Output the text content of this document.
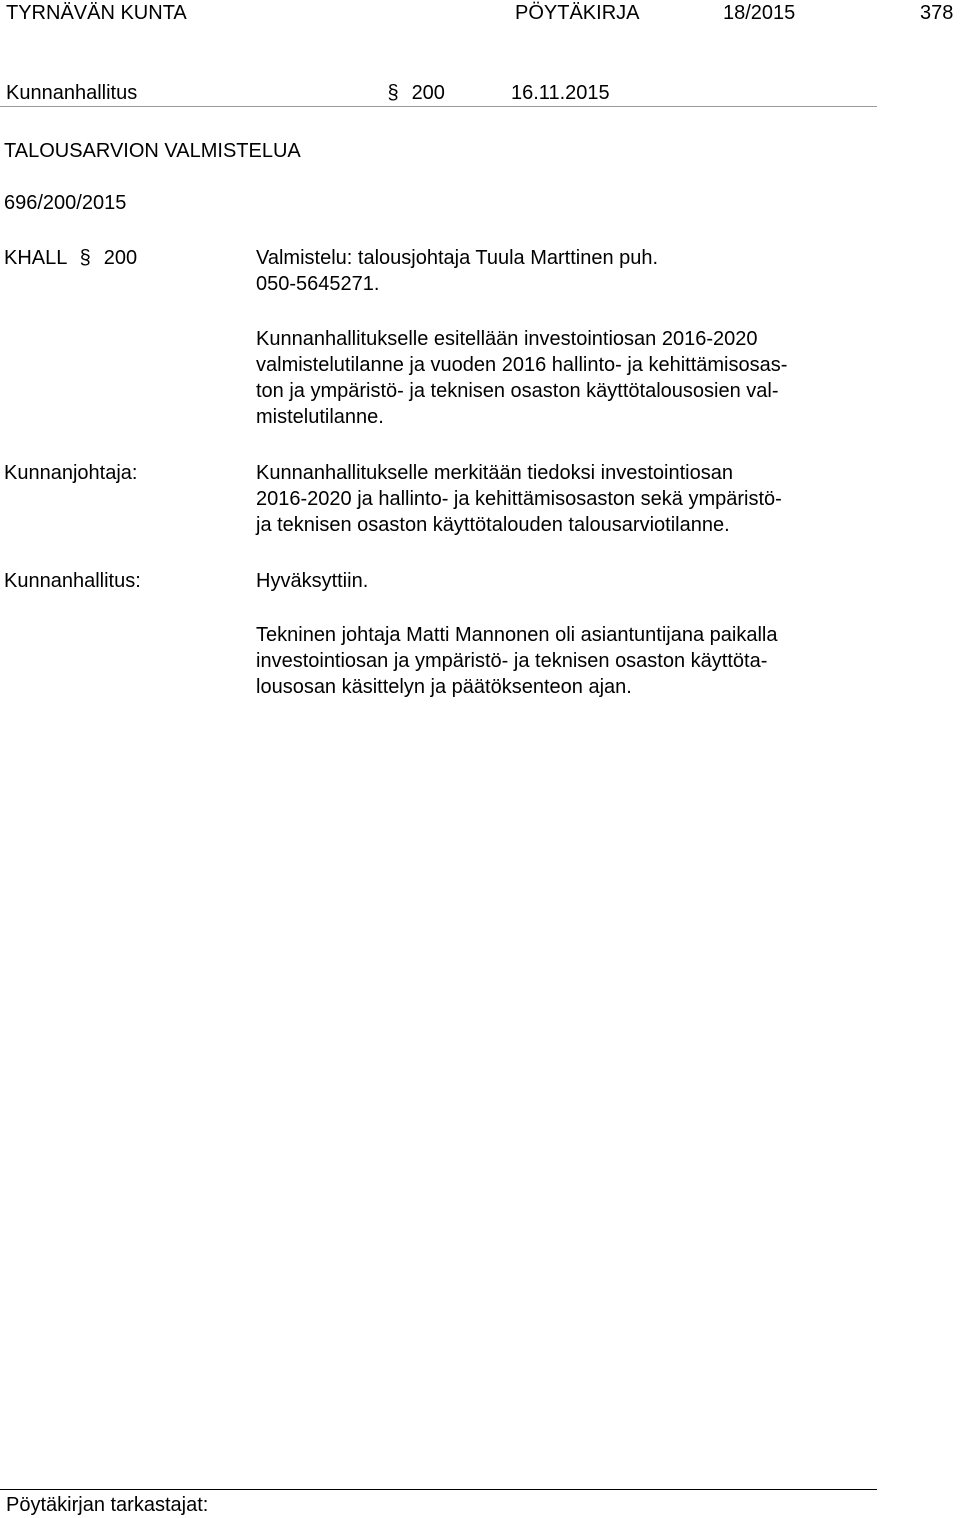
TYRNÄVÄN KUNTA	PÖYTÄKIRJA	18/2015	378
Kunnanhallitus	§ 200	16.11.2015
TALOUSARVION VALMISTELUA
696/200/2015
KHALL § 200	Valmistelu: talousjohtaja Tuula Marttinen puh.
050-5645271.
Kunnanhallitukselle esitellään investointiosan 2016-2020
valmistelutilanne ja vuoden 2016 hallinto- ja kehittämisosas-
ton ja ympäristö- ja teknisen osaston käyttötalousosien val-
mistelutilanne.
Kunnanjohtaja:	Kunnanhallitukselle merkitään tiedoksi investointiosan
2016-2020 ja hallinto- ja kehittämisosaston sekä ympäristö-
ja teknisen osaston käyttötalouden talousarviotilanne.
Kunnanhallitus:	Hyväksyttiin.
Tekninen johtaja Matti Mannonen oli asiantuntijana paikalla
investointiosan ja ympäristö- ja teknisen osaston käyttöta-
lousosan käsittelyn ja päätöksenteon ajan.
Pöytäkirjan tarkastajat:
